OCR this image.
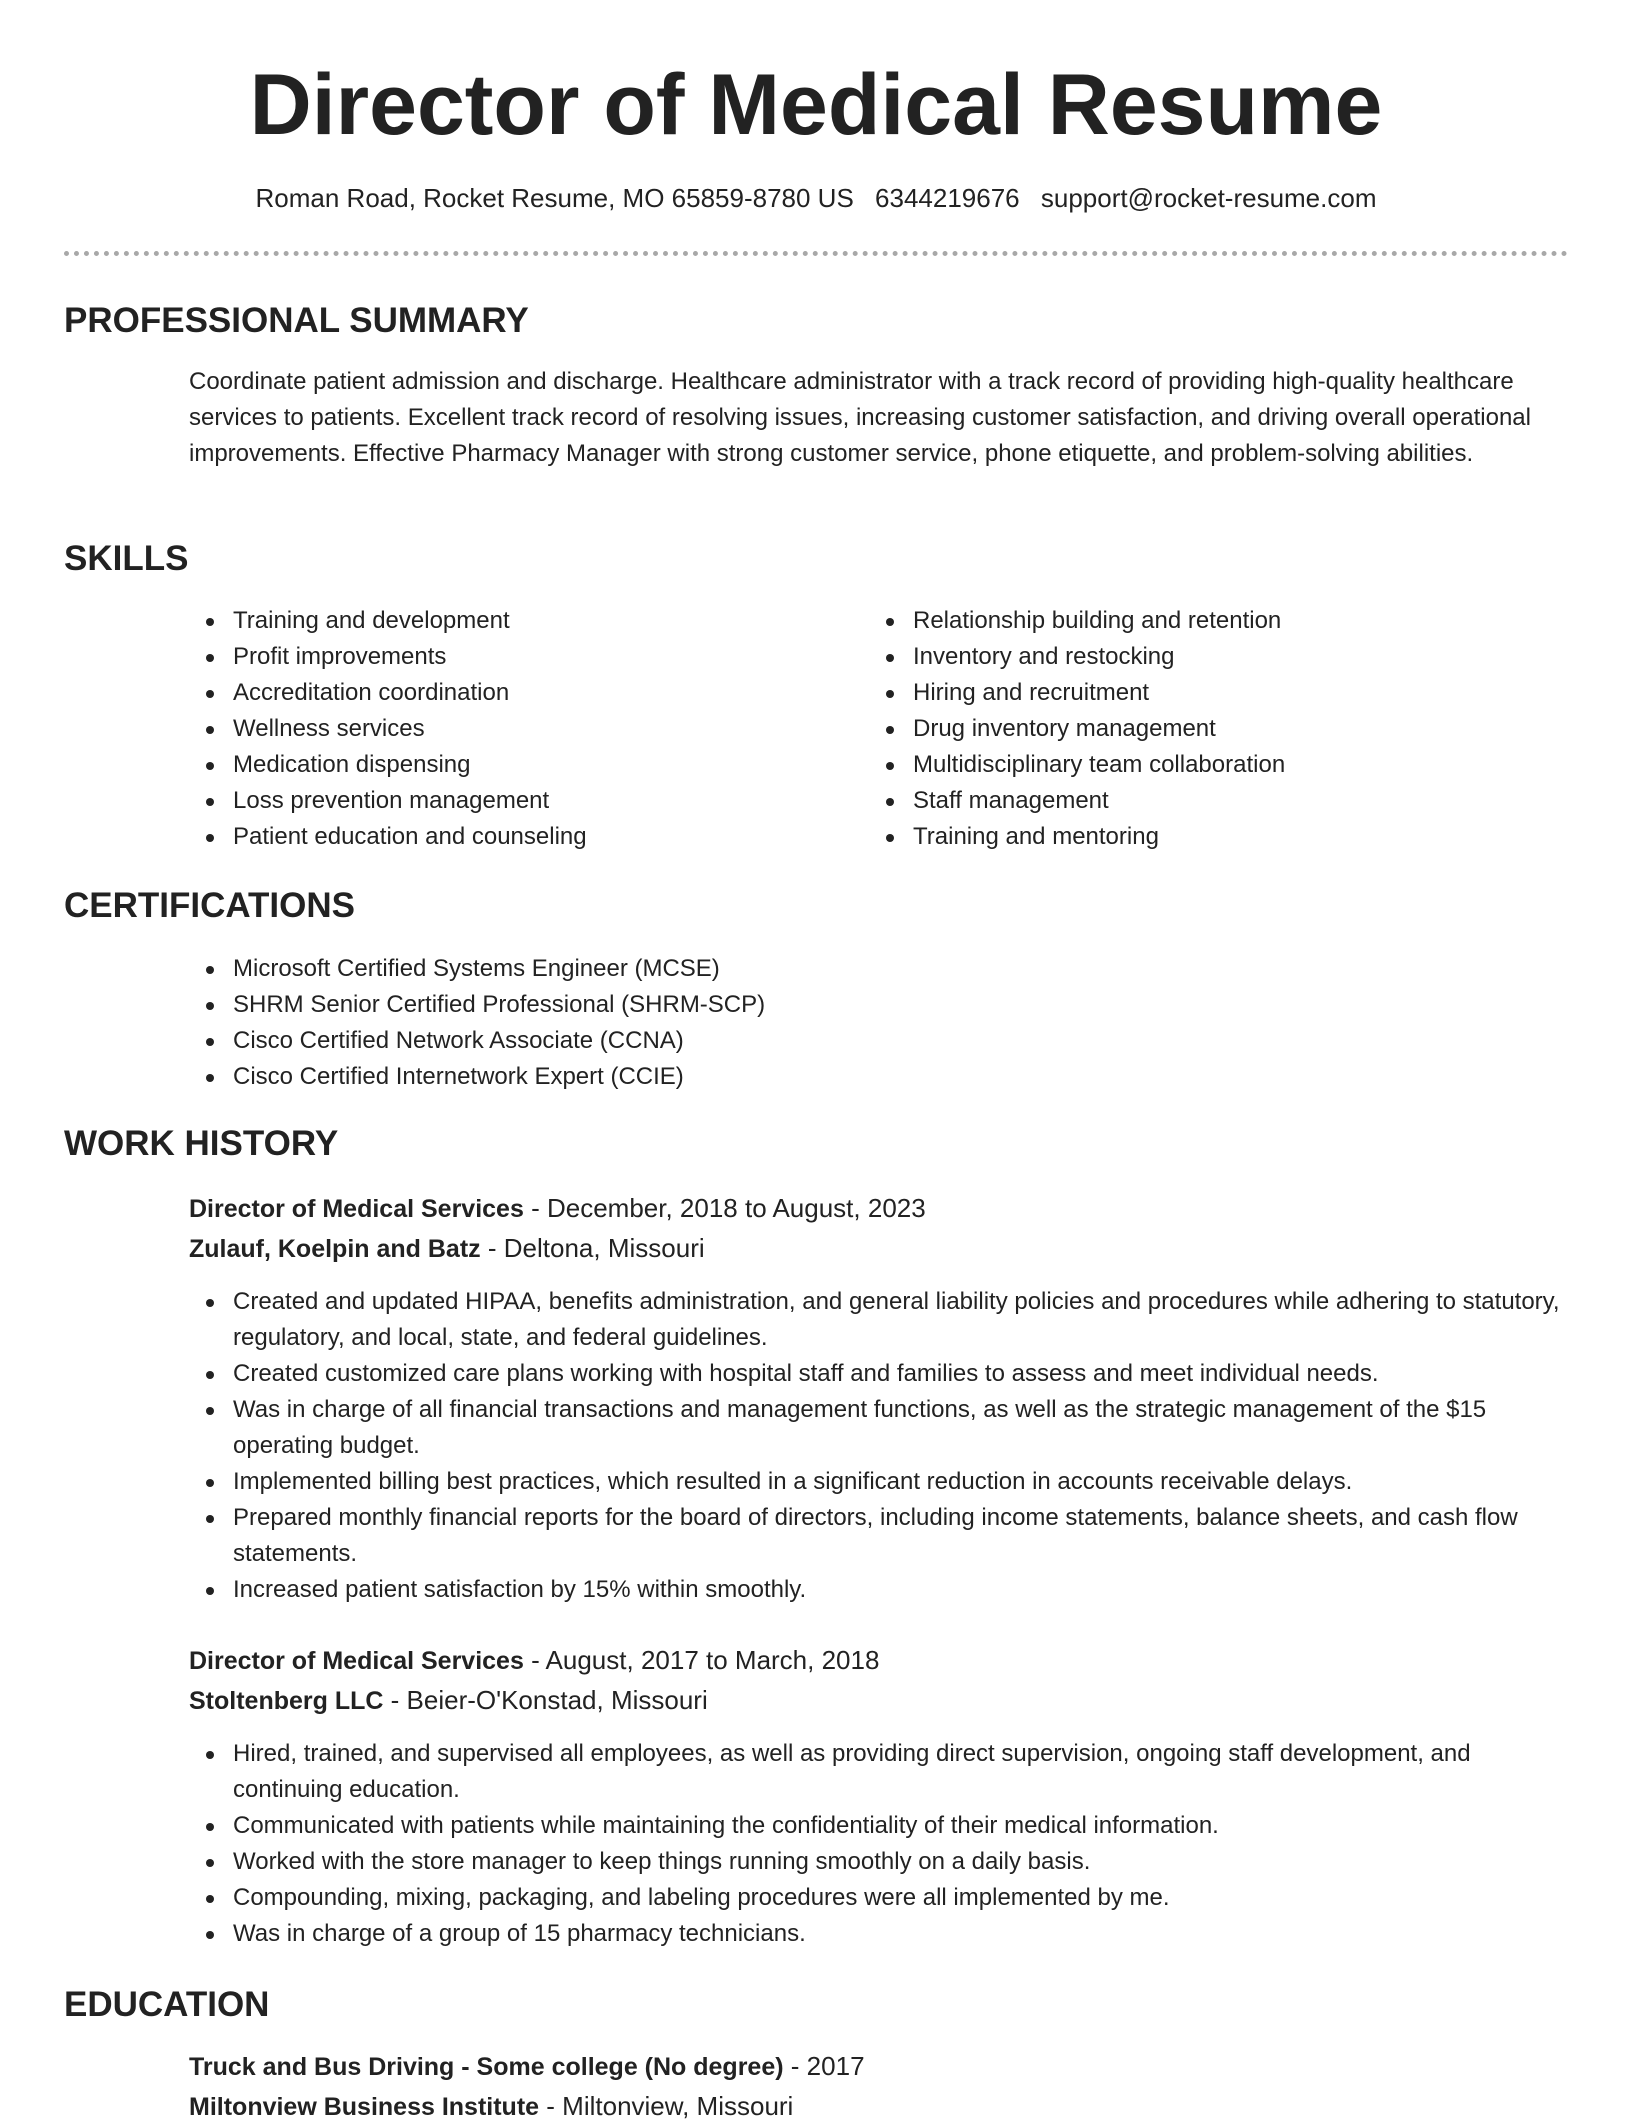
Director of Medical Resume
Roman Road, Rocket Resume, MO 65859-8780 US 6344219676 support@rocket-resume.com
PROFESSIONAL SUMMARY

Coordinate patient admission and discharge. Healthcare administrator with a track record of providing high-quality healthcare services to patients. Excellent track record of resolving issues, increasing customer satisfaction, and driving overall operational improvements. Effective Pharmacy Manager with strong customer service, phone etiquette, and problem-solving abilities.

SKILLS
Training and development
Profit improvements
Accreditation coordination
Wellness services
Medication dispensing
Loss prevention management
Patient education and counseling
Relationship building and retention
Inventory and restocking
Hiring and recruitment
Drug inventory management
Multidisciplinary team collaboration
Staff management
Training and mentoring
CERTIFICATIONS
Microsoft Certified Systems Engineer (MCSE)
SHRM Senior Certified Professional (SHRM-SCP)
Cisco Certified Network Associate (CCNA)
Cisco Certified Internetwork Expert (CCIE)
WORK HISTORY
Director of Medical Services - December, 2018 to August, 2023
Zulauf, Koelpin and Batz - Deltona, Missouri
Created and updated HIPAA, benefits administration, and general liability policies and procedures while adhering to statutory, regulatory, and local, state, and federal guidelines.
Created customized care plans working with hospital staff and families to assess and meet individual needs.
Was in charge of all financial transactions and management functions, as well as the strategic management of the $15 operating budget.
Implemented billing best practices, which resulted in a significant reduction in accounts receivable delays.
Prepared monthly financial reports for the board of directors, including income statements, balance sheets, and cash flow statements.
Increased patient satisfaction by 15% within smoothly.
Director of Medical Services - August, 2017 to March, 2018
Stoltenberg LLC - Beier-O'Konstad, Missouri
Hired, trained, and supervised all employees, as well as providing direct supervision, ongoing staff development, and continuing education.
Communicated with patients while maintaining the confidentiality of their medical information.
Worked with the store manager to keep things running smoothly on a daily basis.
Compounding, mixing, packaging, and labeling procedures were all implemented by me.
Was in charge of a group of 15 pharmacy technicians.
EDUCATION
Truck and Bus Driving - Some college (No degree) - 2017
Miltonview Business Institute - Miltonview, Missouri
